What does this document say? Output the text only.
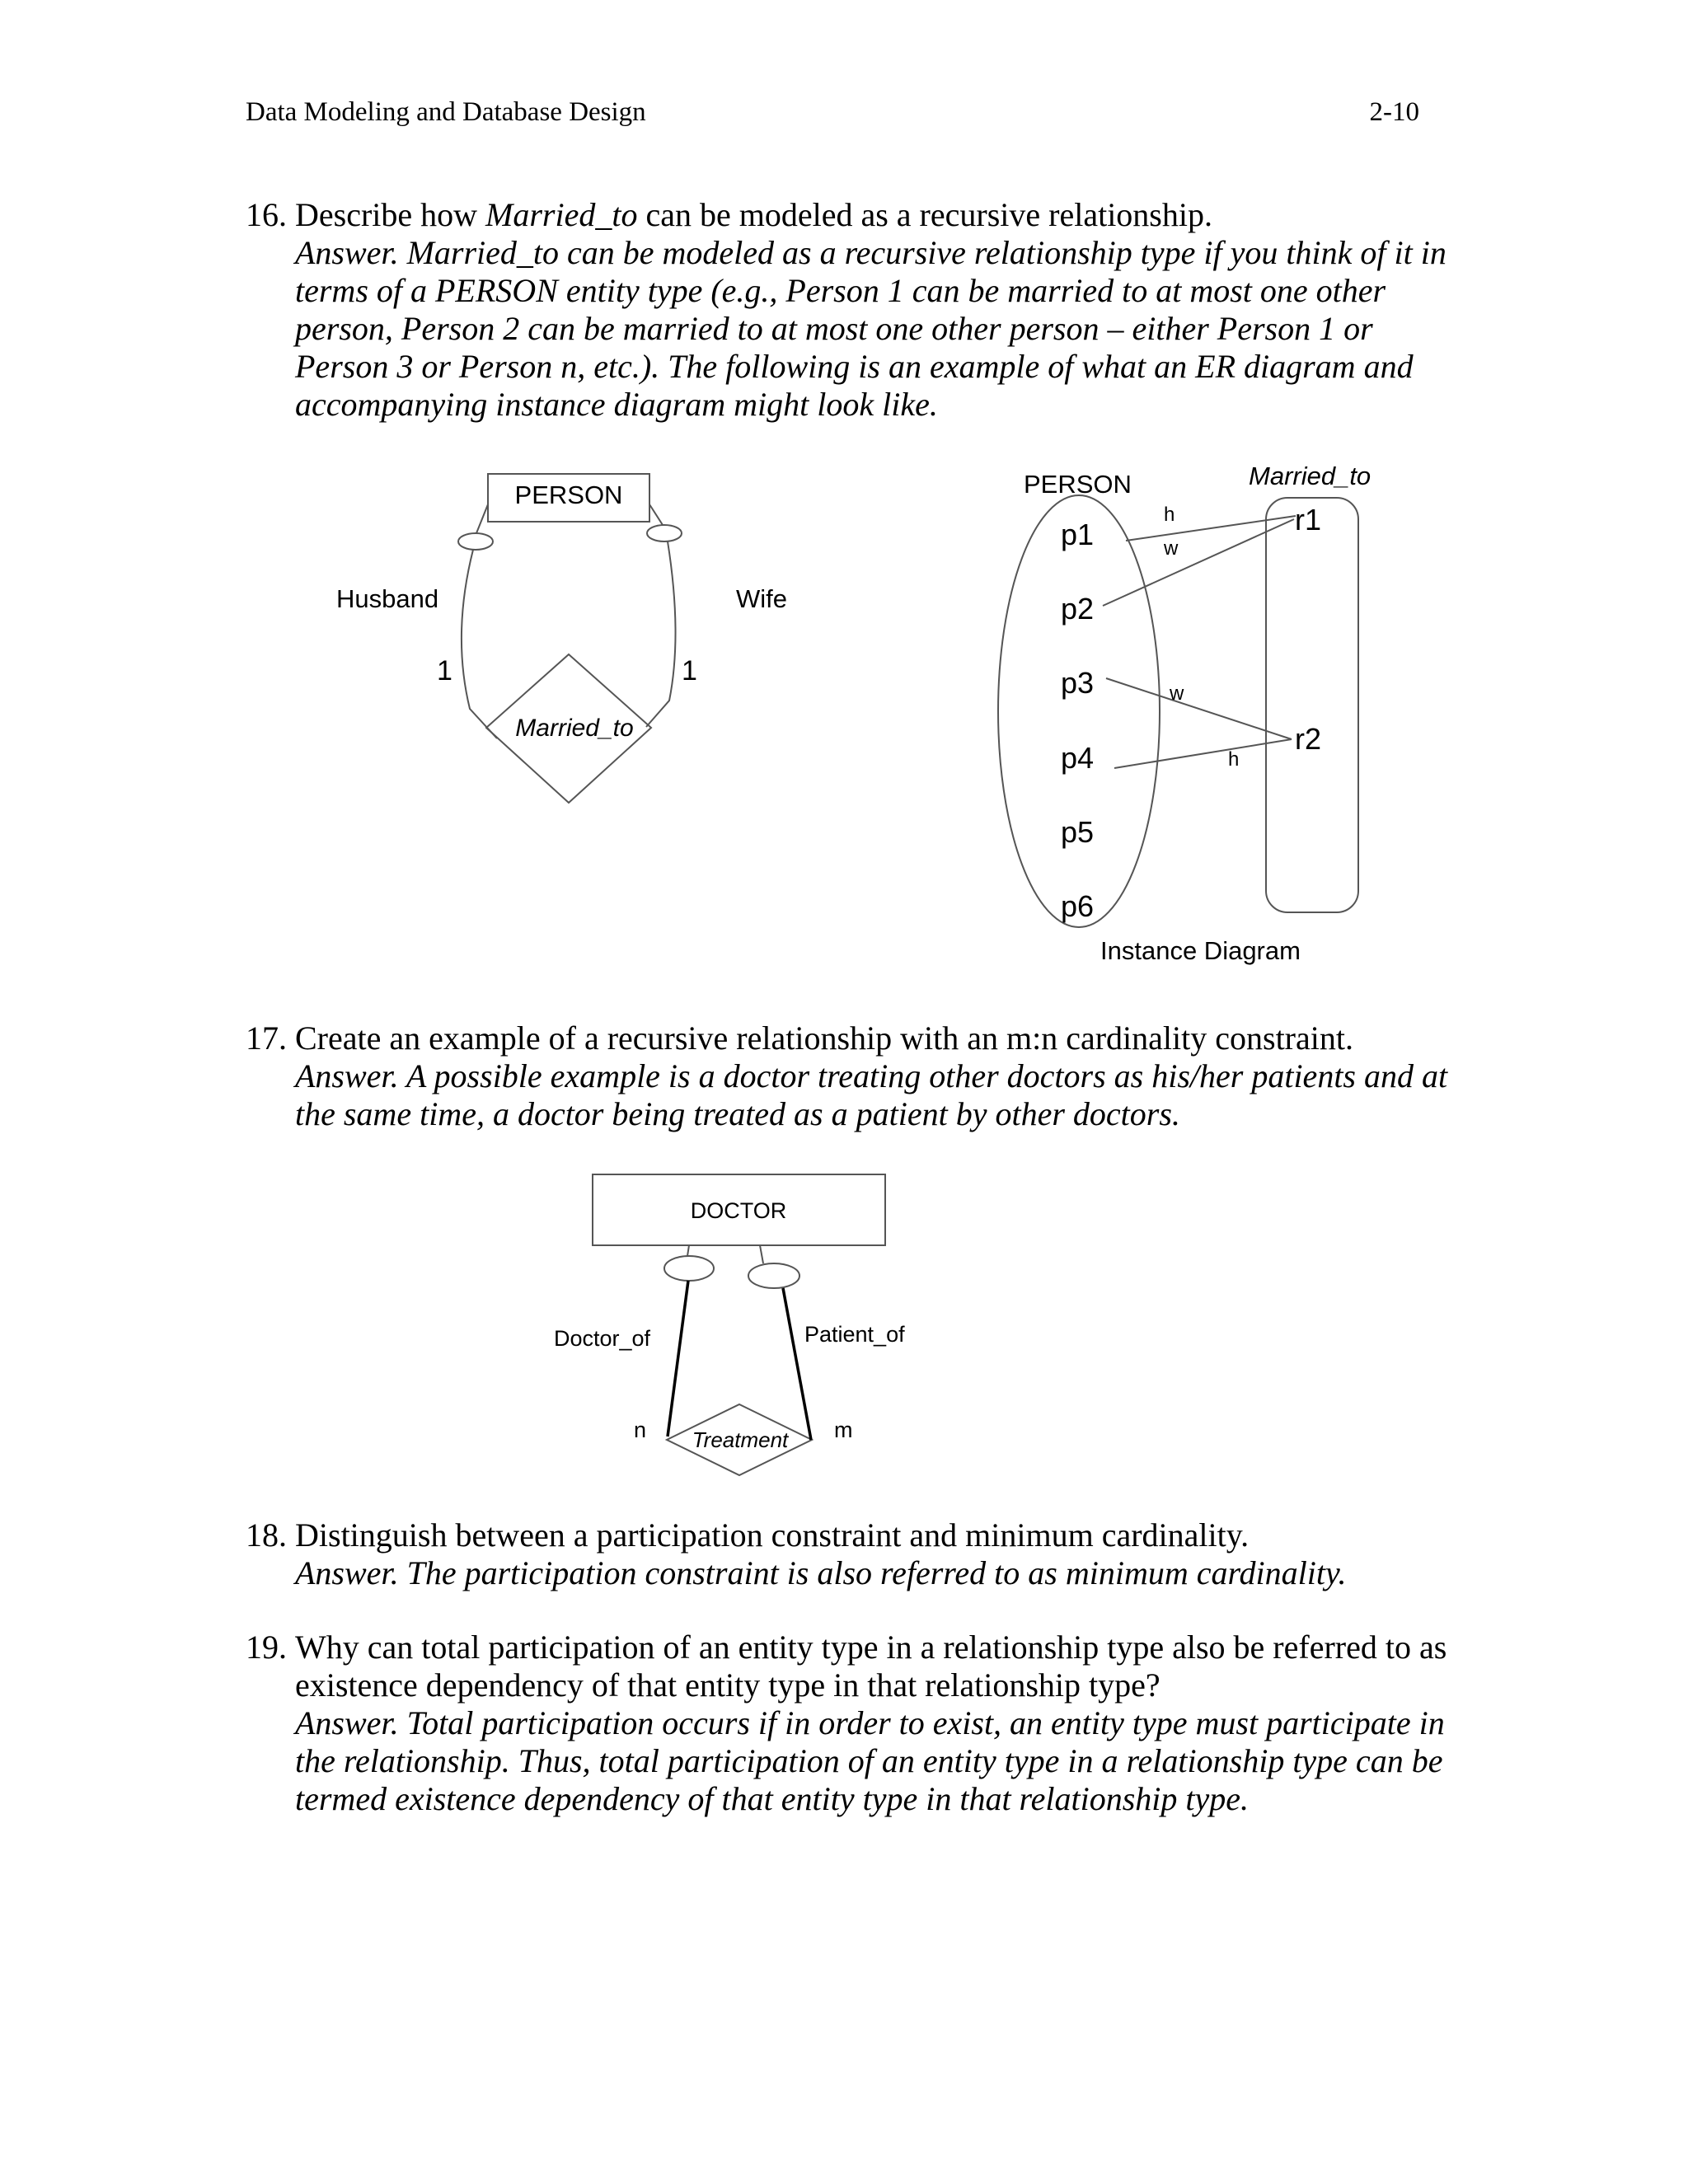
Data Modeling and Database Design	2-10
16. Describe how Married_to can be modeled as a recursive relationship.
Answer. Married_to can be modeled as a recursive relationship type if you think of it in terms of a PERSON entity type (e.g., Person 1 can be married to at most one other person, Person 2 can be married to at most one other person – either Person 1 or Person 3 or Person n, etc.). The following is an example of what an ER diagram and accompanying instance diagram might look like.
17. Create an example of a recursive relationship with an m:n cardinality constraint.
Answer. A possible example is a doctor treating other doctors as his/her patients and at the same time, a doctor being treated as a patient by other doctors.
18. Distinguish between a participation constraint and minimum cardinality.
Answer. The participation constraint is also referred to as minimum cardinality.
19. Why can total participation of an entity type in a relationship type also be referred to as existence dependency of that entity type in that relationship type?
Answer. Total participation occurs if in order to exist, an entity type must participate in the relationship. Thus, total participation of an entity type in a relationship type can be termed existence dependency of that entity type in that relationship type.
PERSON
Husband	Wife
1	1
Married_to
PERSON	Married_to
p1
p2
p3
p4
p5
p6
r1
r2
h
w
w
h
Instance Diagram
DOCTOR
Doctor_of	Patient_of
n	m
Treatment
